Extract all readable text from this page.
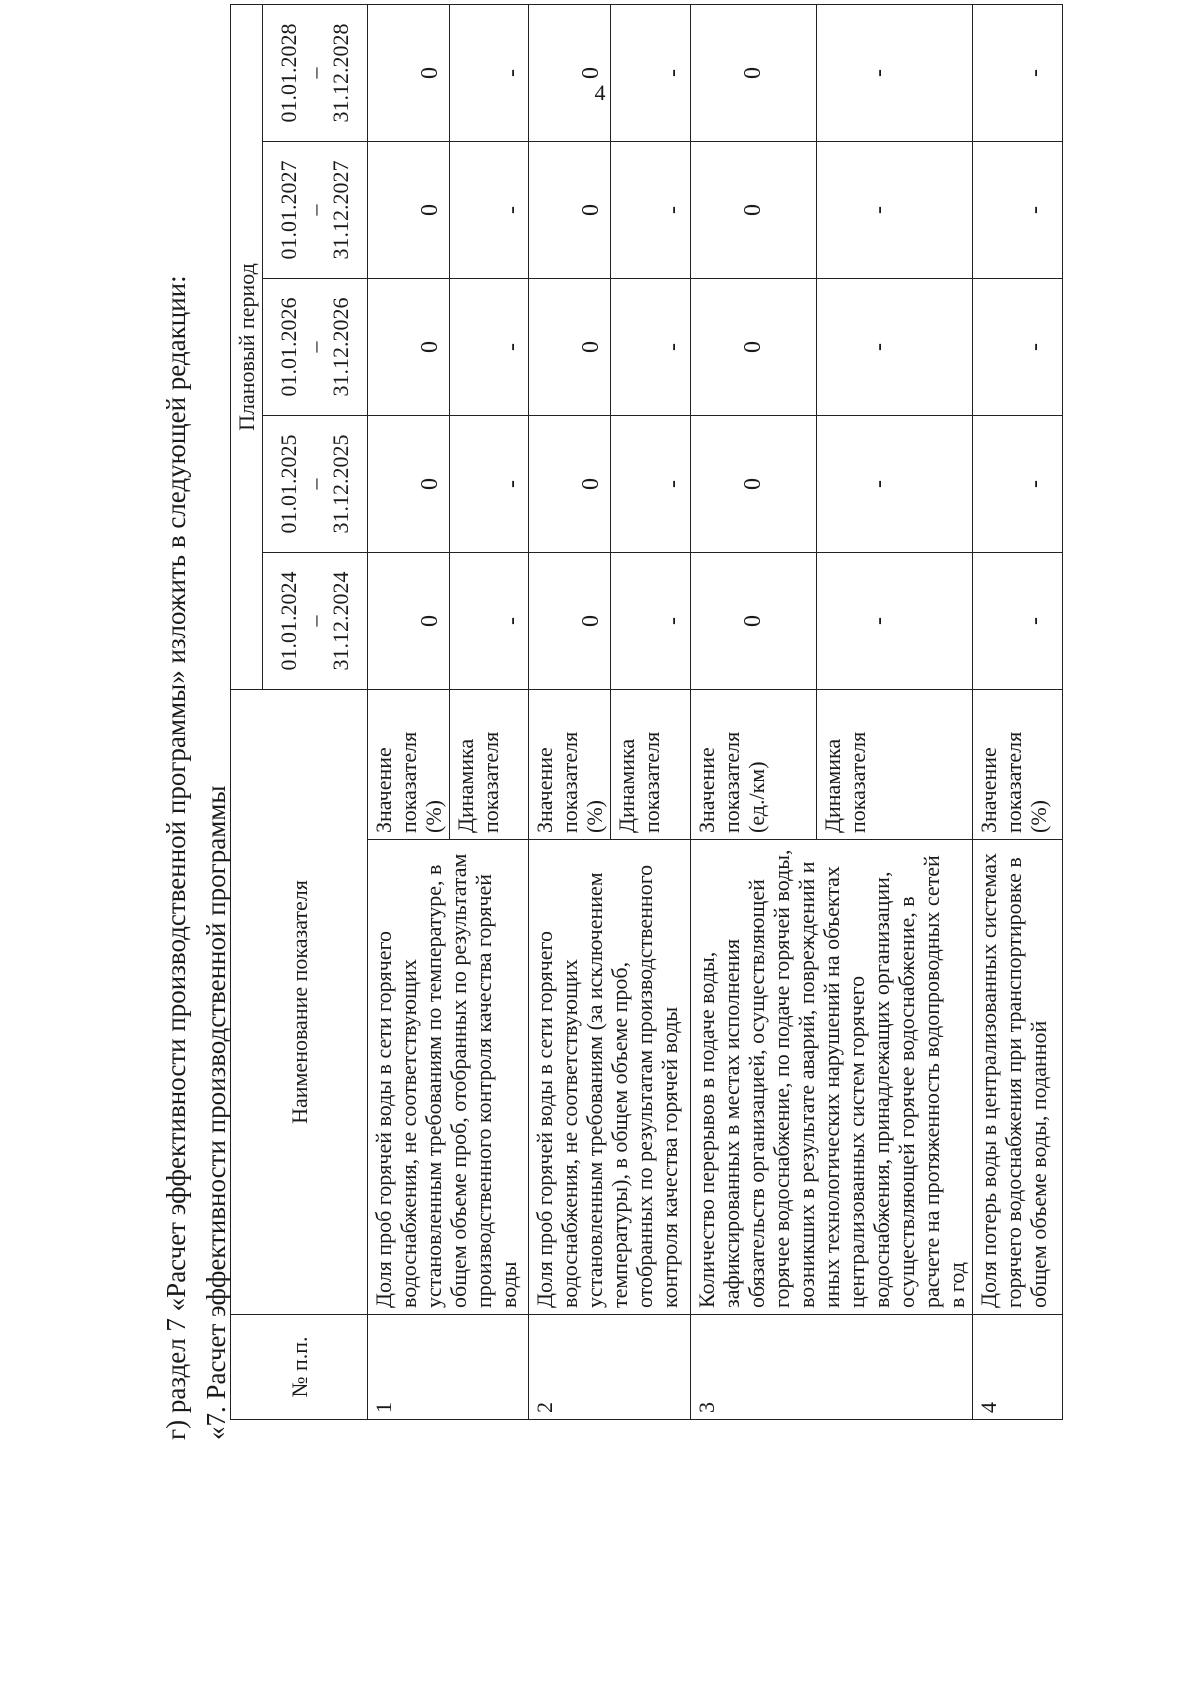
4
г) раздел 7 «Расчет эффективности производственной программы» изложить в следующей редакции: «7. Расчет эффективности производственной программы	№ п.п.	Наименование показателя		Плановый период				

			01.01.2024 – 31.12.2024	01.01.2025 – 31.12.2025	01.01.2026 – 31.12.2026	01.01.2027 – 31.12.2027	01.01.2028 – 31.12.2028

1	Доля проб горячей воды в сети горячего водоснабжения, не соответствующих установленным требованиям по температуре, в общем объеме проб, отобранных по результатам производственного контроля качества горячей воды	Значение показателя (%)	0	0	0	0	0
		Динамика показателя	-	-	-	-	-
2	Доля проб горячей воды в сети горячего водоснабжения, не соответствующих установленным требованиям (за исключением температуры), в общем объеме проб, отобранных по результатам производственного контроля качества горячей воды	Значение показателя (%)	0	0	0	0	0
		Динамика показателя	-	-	-	-	-
3	Количество перерывов в подаче воды, зафиксированных в местах исполнения обязательств организацией, осуществляющей горячее водоснабжение, по подаче горячей воды, возникших в результате аварий, повреждений и иных технологических нарушений на объектах централизованных систем горячего водоснабжения, принадлежащих организации, осуществляющей горячее водоснабжение, в расчете на протяженность водопроводных сетей в год	Значение показателя (ед./км)	0	0	0	0	0
		Динамика показателя	-	-	-	-	-
4	Доля потерь воды в централизованных системах горячего водоснабжения при транспортировке в общем объеме воды, поданной	Значение показателя (%)	-	-	-	-	-
